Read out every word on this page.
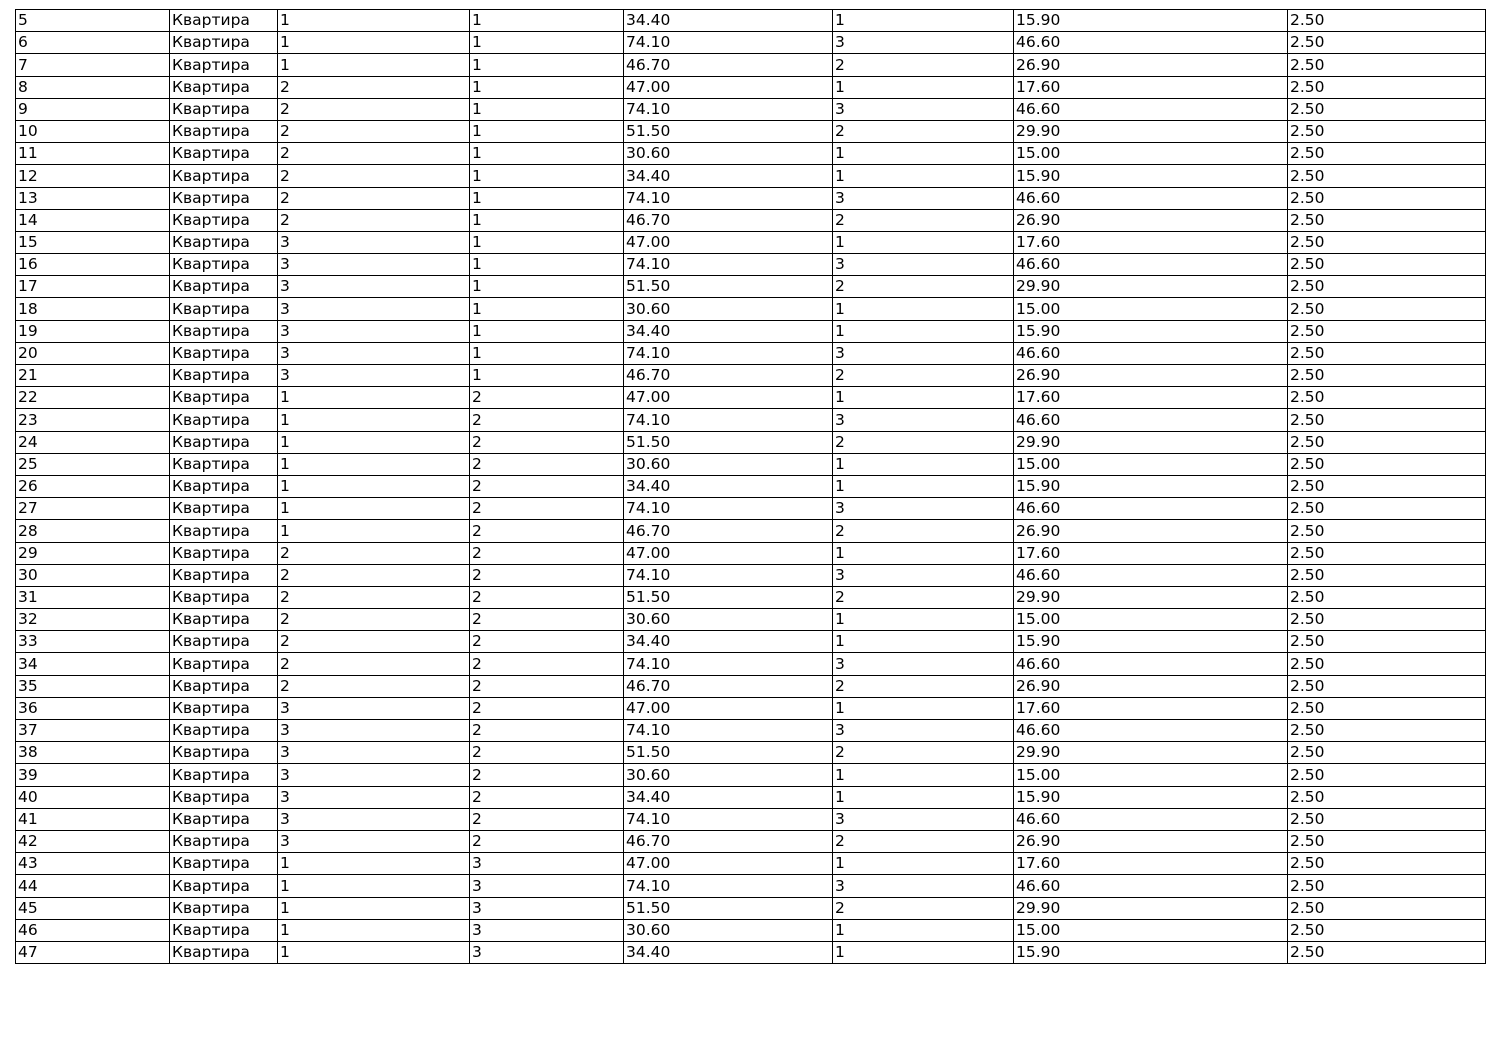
5	Квартира	1	1	34.40	1	15.90	2.50
6	Квартира	1	1	74.10	3	46.60	2.50
7	Квартира	1	1	46.70	2	26.90	2.50
8	Квартира	2	1	47.00	1	17.60	2.50
9	Квартира	2	1	74.10	3	46.60	2.50
10	Квартира	2	1	51.50	2	29.90	2.50
11	Квартира	2	1	30.60	1	15.00	2.50
12	Квартира	2	1	34.40	1	15.90	2.50
13	Квартира	2	1	74.10	3	46.60	2.50
14	Квартира	2	1	46.70	2	26.90	2.50
15	Квартира	3	1	47.00	1	17.60	2.50
16	Квартира	3	1	74.10	3	46.60	2.50
17	Квартира	3	1	51.50	2	29.90	2.50
18	Квартира	3	1	30.60	1	15.00	2.50
19	Квартира	3	1	34.40	1	15.90	2.50
20	Квартира	3	1	74.10	3	46.60	2.50
21	Квартира	3	1	46.70	2	26.90	2.50
22	Квартира	1	2	47.00	1	17.60	2.50
23	Квартира	1	2	74.10	3	46.60	2.50
24	Квартира	1	2	51.50	2	29.90	2.50
25	Квартира	1	2	30.60	1	15.00	2.50
26	Квартира	1	2	34.40	1	15.90	2.50
27	Квартира	1	2	74.10	3	46.60	2.50
28	Квартира	1	2	46.70	2	26.90	2.50
29	Квартира	2	2	47.00	1	17.60	2.50
30	Квартира	2	2	74.10	3	46.60	2.50
31	Квартира	2	2	51.50	2	29.90	2.50
32	Квартира	2	2	30.60	1	15.00	2.50
33	Квартира	2	2	34.40	1	15.90	2.50
34	Квартира	2	2	74.10	3	46.60	2.50
35	Квартира	2	2	46.70	2	26.90	2.50
36	Квартира	3	2	47.00	1	17.60	2.50
37	Квартира	3	2	74.10	3	46.60	2.50
38	Квартира	3	2	51.50	2	29.90	2.50
39	Квартира	3	2	30.60	1	15.00	2.50
40	Квартира	3	2	34.40	1	15.90	2.50
41	Квартира	3	2	74.10	3	46.60	2.50
42	Квартира	3	2	46.70	2	26.90	2.50
43	Квартира	1	3	47.00	1	17.60	2.50
44	Квартира	1	3	74.10	3	46.60	2.50
45	Квартира	1	3	51.50	2	29.90	2.50
46	Квартира	1	3	30.60	1	15.00	2.50
47	Квартира	1	3	34.40	1	15.90	2.50
